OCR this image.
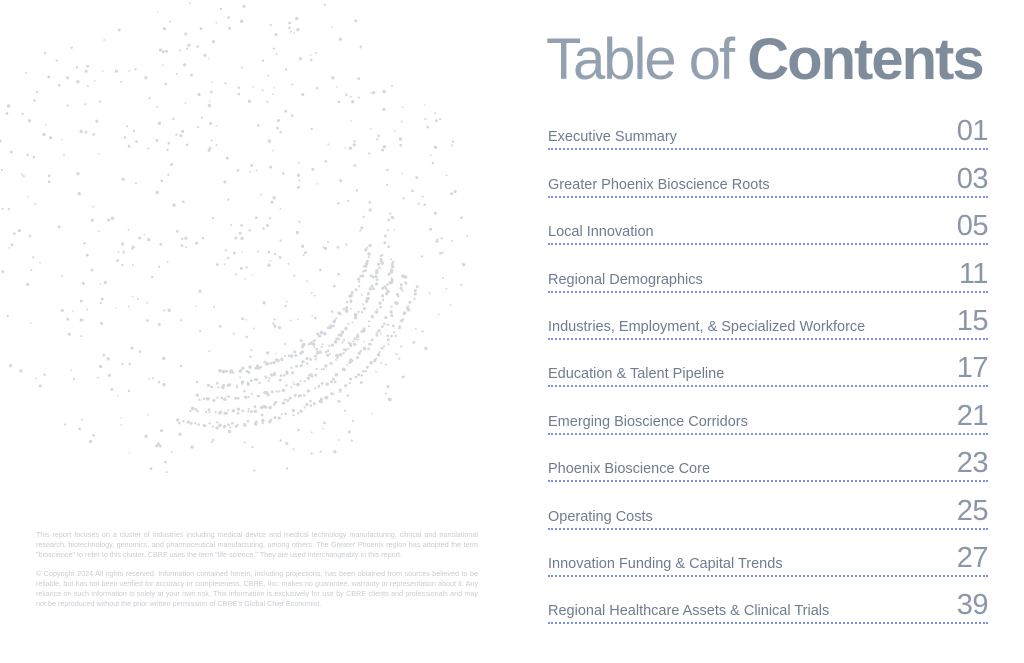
Table of Contents
Executive Summary	01
Greater Phoenix Bioscience Roots	03
Local Innovation	05
Regional Demographics	11
Industries, Employment, & Specialized Workforce	15
Education & Talent Pipeline	17
Emerging Bioscience Corridors	21
Phoenix Bioscience Core	23
Operating Costs	25
Innovation Funding & Capital Trends	27
Regional Healthcare Assets & Clinical Trials	39

This report focuses on a cluster of industries including medical device and medical technology manufacturing, clinical and translational research, biotechnology, genomics, and pharmaceutical manufacturing, among others. The Greater Phoenix region has adopted the term "bioscience" to refer to this cluster. CBRE uses the term "life science." They are used interchangeably in this report.

© Copyright 2024 All rights reserved. Information contained herein, including projections, has been obtained from sources believed to be reliable, but has not been verified for accuracy or completeness. CBRE, Inc. makes no guarantee, warranty or representation about it. Any reliance on such information is solely at your own risk. This information is exclusively for use by CBRE clients and professionals and may not be reproduced without the prior written permission of CBRE's Global Chief Economist.
